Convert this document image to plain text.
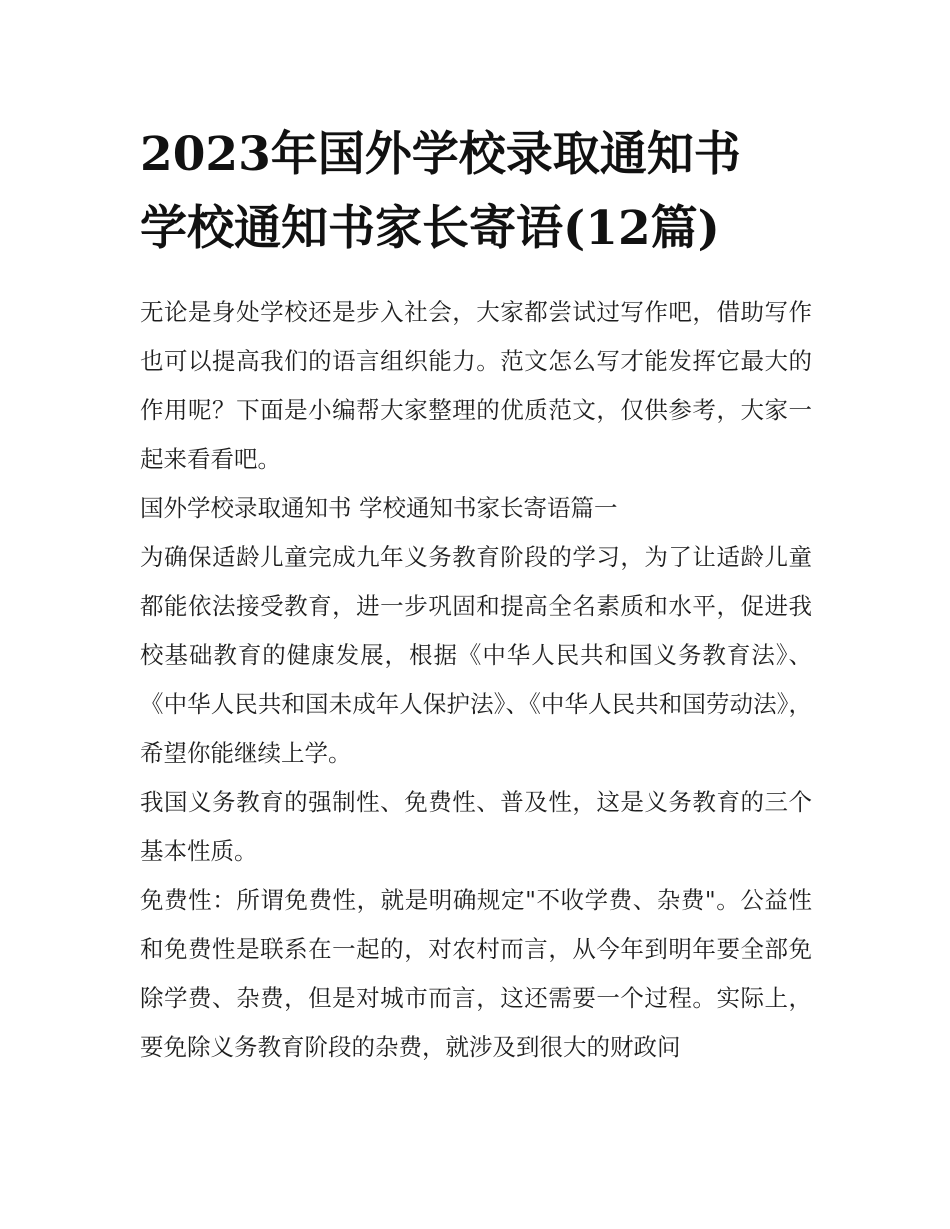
2023年国外学校录取通知书
学校通知书家长寄语(12篇)

无论是身处学校还是步入社会，大家都尝试过写作吧，借助写作也可以提高我们的语言组织能力。范文怎么写才能发挥它最大的作用呢？下面是小编帮大家整理的优质范文，仅供参考，大家一起来看看吧。

国外学校录取通知书 学校通知书家长寄语篇一

为确保适龄儿童完成九年义务教育阶段的学习，为了让适龄儿童都能依法接受教育，进一步巩固和提高全名素质和水平，促进我校基础教育的健康发展，根据《中华人民共和国义务教育法》、《中华人民共和国未成年人保护法》、《中华人民共和国劳动法》，希望你能继续上学。

我国义务教育的强制性、免费性、普及性，这是义务教育的三个基本性质。

免费性：所谓免费性，就是明确规定"不收学费、杂费"。公益性和免费性是联系在一起的，对农村而言，从今年到明年要全部免除学费、杂费，但是对城市而言，这还需要一个过程。实际上，要免除义务教育阶段的杂费，就涉及到很大的财政问
